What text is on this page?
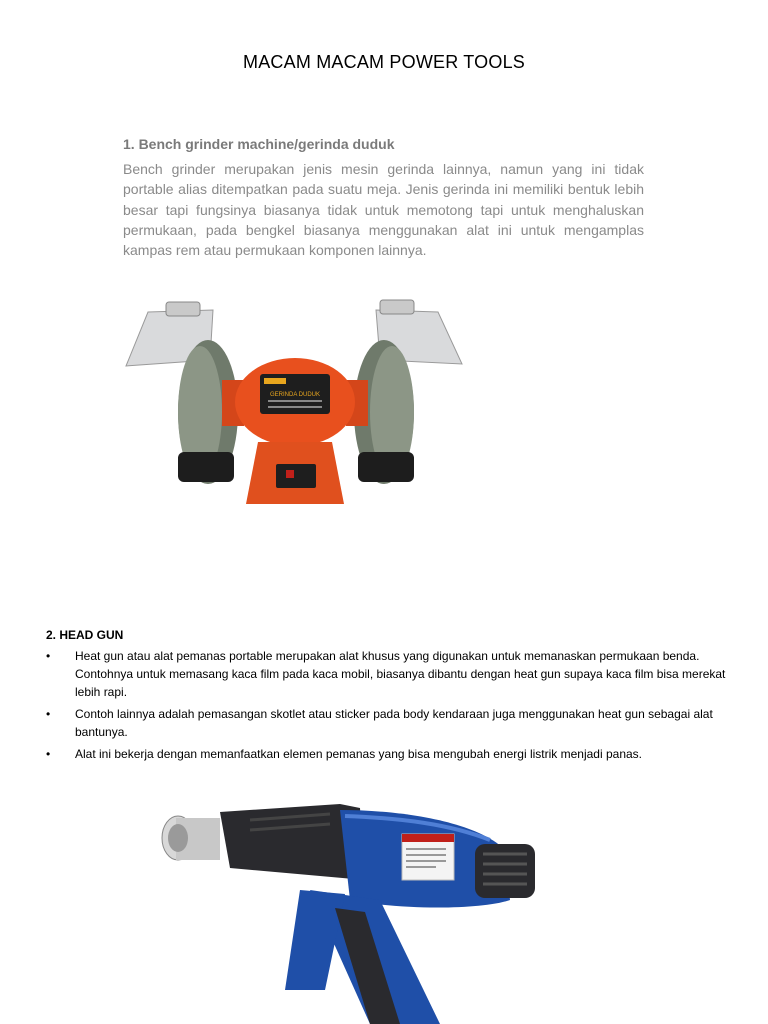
MACAM MACAM POWER TOOLS
1. Bench grinder machine/gerinda duduk
Bench grinder merupakan jenis mesin gerinda lainnya, namun yang ini tidak portable alias ditempatkan pada suatu meja. Jenis gerinda ini memiliki bentuk lebih besar tapi fungsinya biasanya tidak untuk memotong tapi untuk menghaluskan permukaan, pada bengkel biasanya menggunakan alat ini untuk mengamplas kampas rem atau permukaan komponen lainnya.
GERINDA DUDUK
2. HEAD GUN
• Heat gun atau alat pemanas portable merupakan alat khusus yang digunakan untuk memanaskan permukaan benda. Contohnya untuk memasang kaca film pada kaca mobil, biasanya dibantu dengan heat gun supaya kaca film bisa merekat lebih rapi.
• Contoh lainnya adalah pemasangan skotlet atau sticker pada body kendaraan juga menggunakan heat gun sebagai alat bantunya.
• Alat ini bekerja dengan memanfaatkan elemen pemanas yang bisa mengubah energi listrik menjadi panas.
